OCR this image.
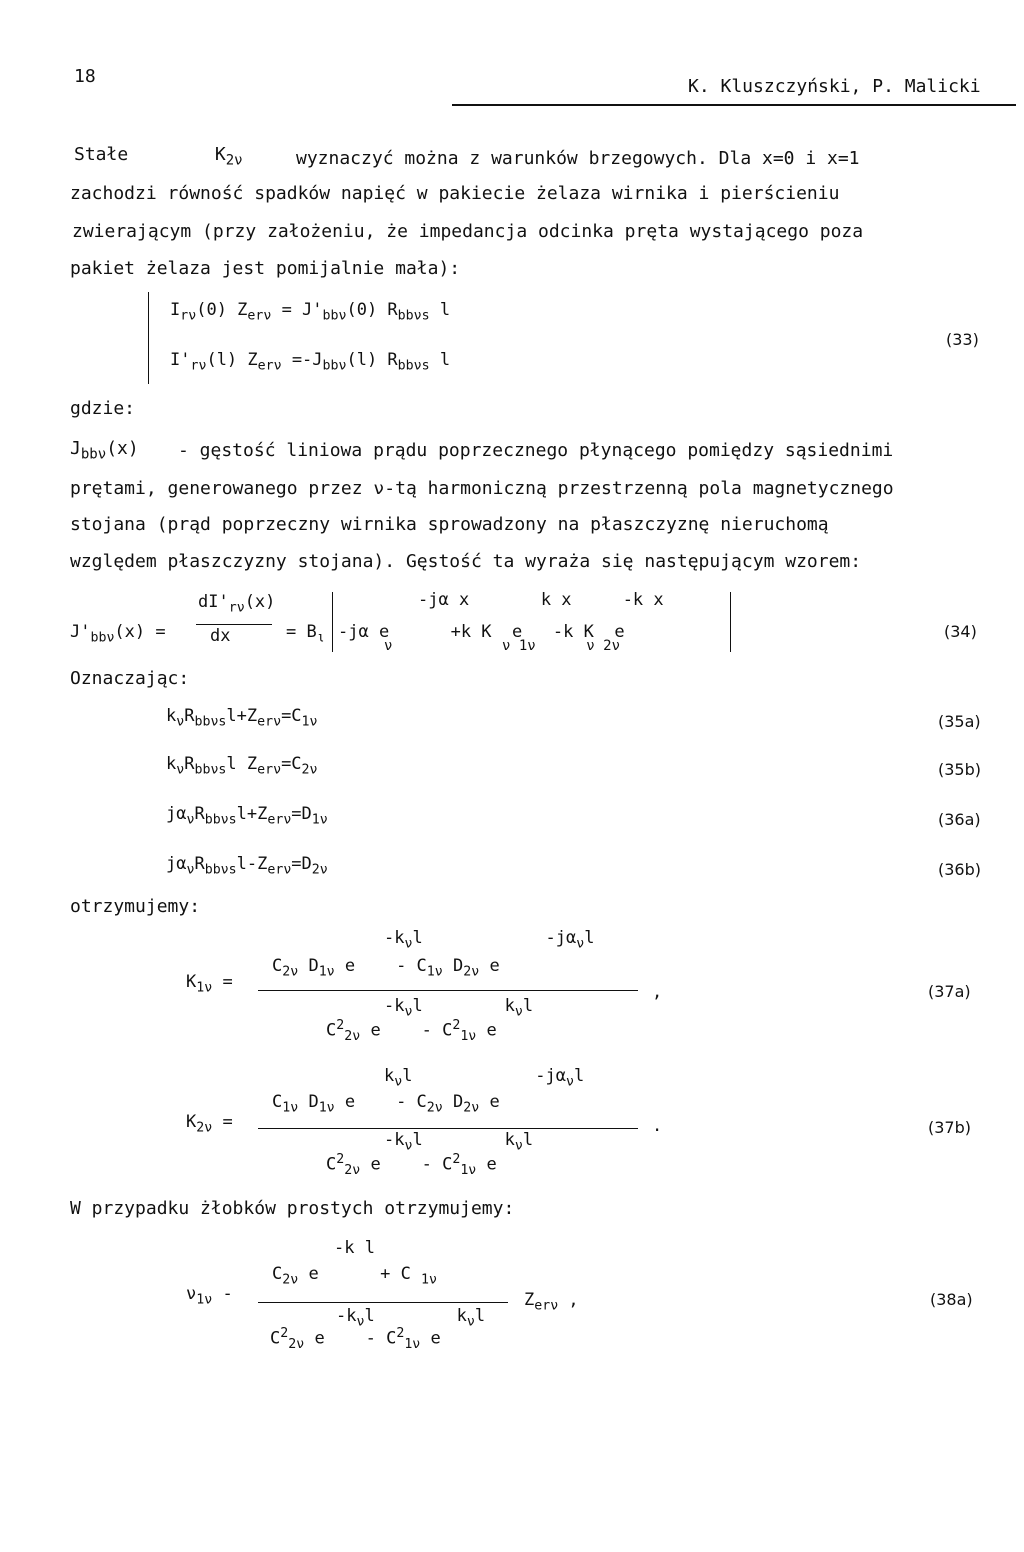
18	K. Kluszczyński, P. Malicki
Stałe        $K_{2\nu}$	wyznaczyć można z warunków brzegowych. Dla x=0 i x=1
zachodzi równość spadków napięć w pakiecie żelaza wirnika i pierścieniu
zwierającym (przy założeniu, że impedancja odcinka pręta wystającego poza
pakiet żelaza jest pomijalnie mała):
$I_{r\nu}(0) Z_{er\nu} = J'_{bb\nu}(0)$ $R_{bb\nu s}$ l
$I'_{r\nu}(l)$ $Z_{er\nu} =-J_{bb\nu}(l)$ $R_{bb\nu s}$ l
(33)
gdzie:
$J_{bb\nu}(x)$ - gęstość liniowa prądu poprzecznego płynącego pomiędzy sąsiednimi
prętami, generowanego przez ν-tą harmoniczną przestrzenną pola magnetycznego
stojana (prąd poprzeczny wirnika sprowadzony na płaszczyznę nieruchomą
względem płaszczyzny stojana). Gęstość ta wyraża się następującym wzorem:
$J'_{bb\nu}(x)$ =
$dI'_{r\nu}(x)$
dx	= $B_\iota$
-jα x       k x     -k x
-jα e      +k K  e   -k K  e
ν             ν 1ν      ν 2ν
(34)
Oznaczając:
$k_\nu R_{bb\nu s}l+Z_{er\nu}=C_{1\nu}$	(35a)
$k_\nu R_{bb\nu s}l$ $Z_{er\nu}=C_{2\nu}$	(35b)
$j\alpha_\nu R_{bb\nu s}l+Z_{er\nu}=D_{1\nu}$	(36a)
$j\alpha_\nu R_{bb\nu s}l-Z_{er\nu}=D_{2\nu}$	(36b)
otrzymujemy:
$-k_\nu l$            $-j\alpha_\nu l$
$C_{2\nu}$ $D_{1\nu}$ e    - $C_{1\nu}$ $D_{2\nu}$ e
$K_{1\nu}$ =	,
$-k_\nu l$        $k_\nu l$
$C^2_{2\nu}$ e    - $C^2_{1\nu}$ e
(37a)
$k_\nu l$            $-j\alpha_\nu l$
$C_{1\nu}$ $D_{1\nu}$ e    - $C_{2\nu}$ $D_{2\nu}$ e
$K_{2\nu}$ =	.
$-k_\nu l$        $k_\nu l$
$C^2_{2\nu}$ e    - $C^2_{1\nu}$ e
(37b)
W przypadku żłobków prostych otrzymujemy:
-k l
$C_{2\nu}$ e      + C $_{1\nu}$
$\nu_{1\nu}$ -	$Z_{er\nu}$ ,
$-k_\nu l$        $k_\nu l$
$C^2_{2\nu}$ e    - $C^2_{1\nu}$ e
(38a)
